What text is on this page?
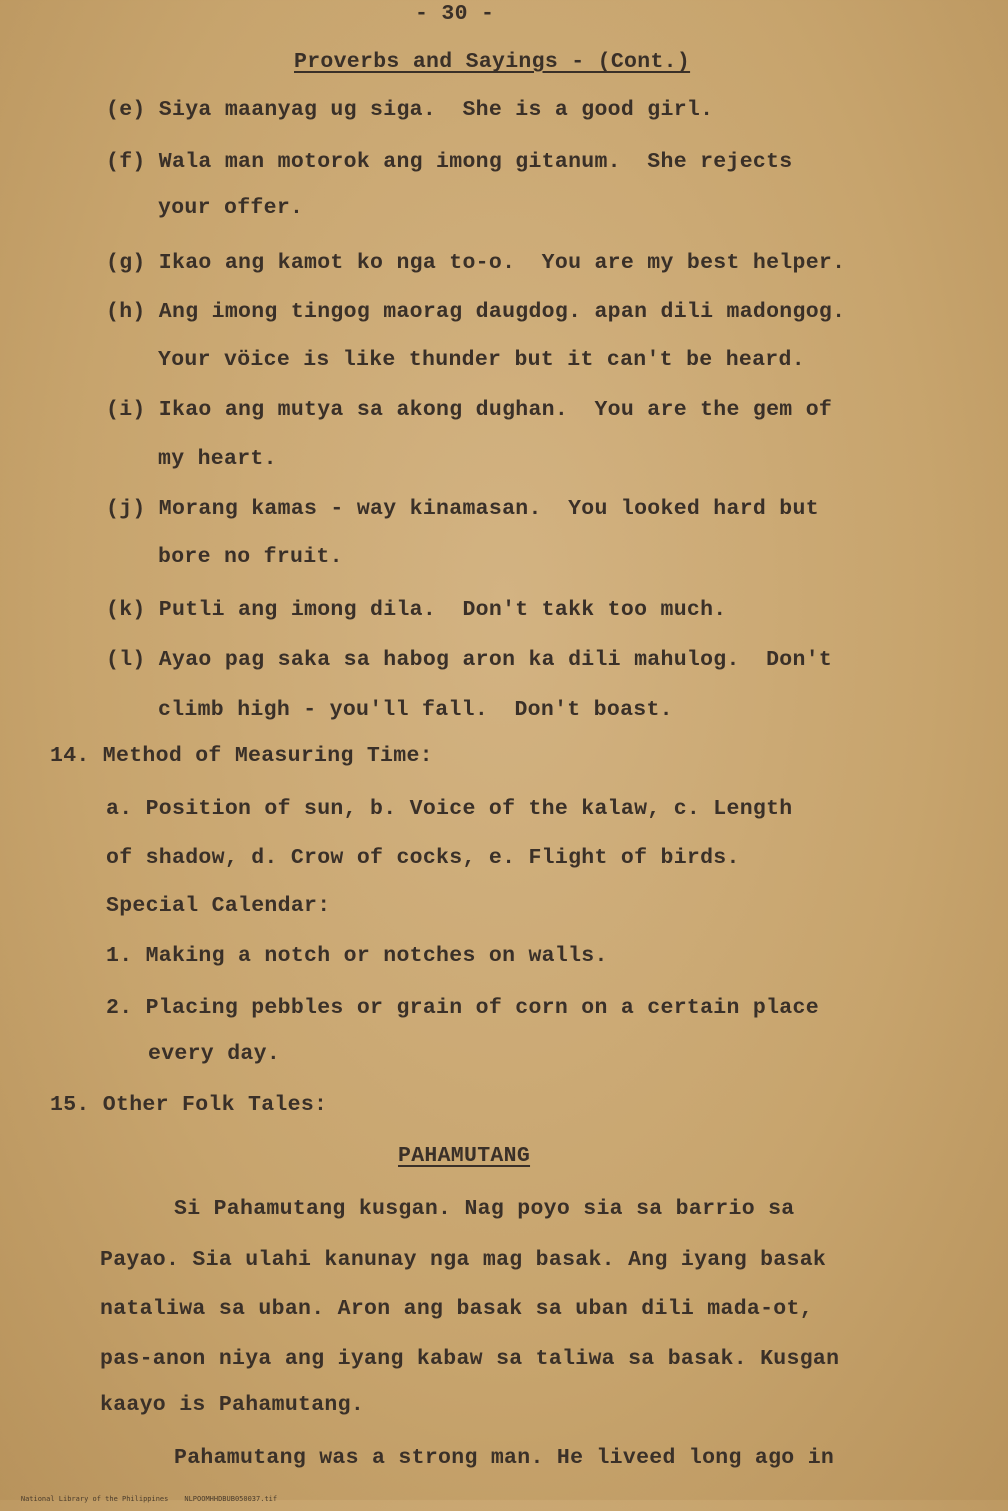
- 30 -
Proverbs and Sayings - (Cont.)
(e) Siya maanyag ug siga.  She is a good girl.
(f) Wala man motorok ang imong gitanum.  She rejects
your offer.
(g) Ikao ang kamot ko nga to-o.  You are my best helper.
(h) Ang imong tingog maorag daugdog. apan dili madongog.
Your vöice is like thunder but it can't be heard.
(i) Ikao ang mutya sa akong dughan.  You are the gem of
my heart.
(j) Morang kamas - way kinamasan.  You looked hard but
bore no fruit.
(k) Putli ang imong dila.  Don't takk too much.
(l) Ayao pag saka sa habog aron ka dili mahulog.  Don't
climb high - you'll fall.  Don't boast.
14. Method of Measuring Time:
a. Position of sun, b. Voice of the kalaw, c. Length
of shadow, d. Crow of cocks, e. Flight of birds.
Special Calendar:
1. Making a notch or notches on walls.
2. Placing pebbles or grain of corn on a certain place
every day.
15. Other Folk Tales:
PAHAMUTANG
Si Pahamutang kusgan. Nag poyo sia sa barrio sa
Payao. Sia ulahi kanunay nga mag basak. Ang iyang basak
nataliwa sa uban. Aron ang basak sa uban dili mada-ot,
pas-anon niya ang iyang kabaw sa taliwa sa basak. Kusgan
kaayo is Pahamutang.
Pahamutang was a strong man. He liveed long ago in

National Library of the Philippines NLPOOMHHDBUB050037.tif
